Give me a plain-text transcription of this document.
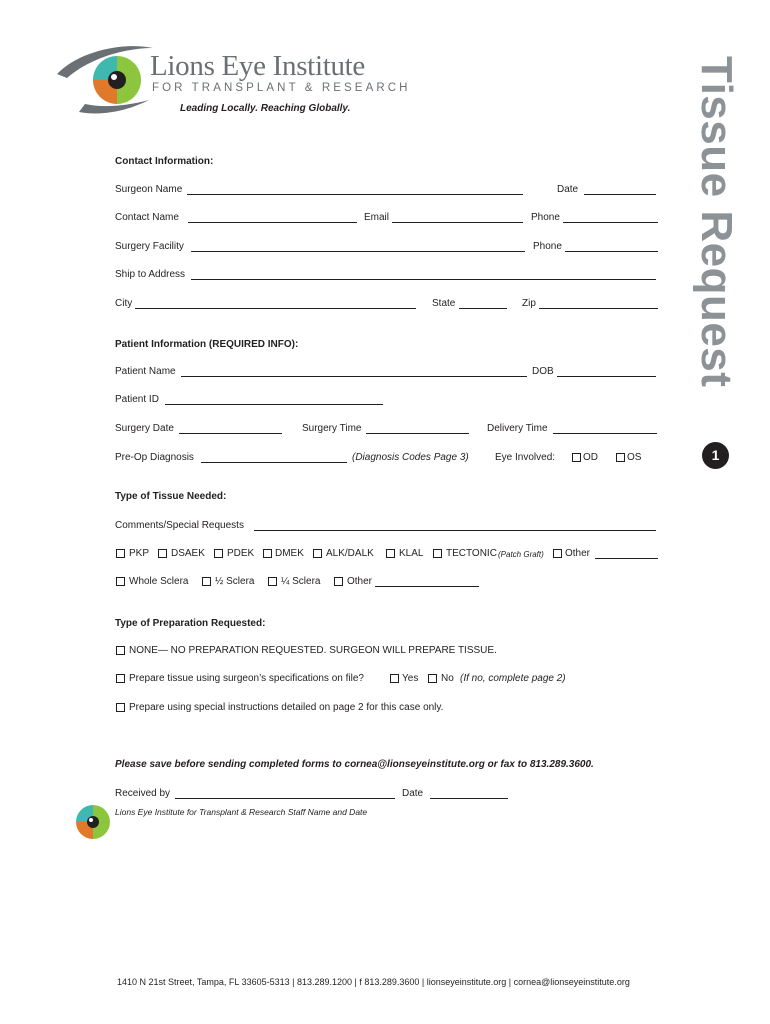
Lions Eye Institute
FOR TRANSPLANT & RESEARCH
Leading Locally. Reaching Globally.	Tissue Request
1
Contact Information:
Surgeon Name	Date
Contact Name	Email	Phone
Surgery Facility	Phone
Ship to Address
City	State	Zip
Patient Information (REQUIRED INFO):
Patient Name	DOB
Patient ID
Surgery Date	Surgery Time	Delivery Time
Pre-Op Diagnosis	(Diagnosis Codes Page 3)	Eye Involved:	OD	OS
Type of Tissue Needed:
Comments/Special Requests
PKP DSAEK PDEK DMEK ALK/DALK	KLAL TECTONIC (Patch Graft) Other
Whole Sclera	½ Sclera	¼ Sclera	Other
Type of Preparation Requested:
NONE— NO PREPARATION REQUESTED. SURGEON WILL PREPARE TISSUE.
Prepare tissue using surgeon’s specifications on file?	Yes No (If no, complete page 2)
Prepare using special instructions detailed on page 2 for this case only.
Please save before sending completed forms to cornea@lionseyeinstitute.org or fax to 813.289.3600.
Received by	Date
Lions Eye Institute for Transplant & Research Staff Name and Date
1410 N 21st Street, Tampa, FL 33605-5313 | 813.289.1200 | f 813.289.3600 | lionseyeinstitute.org | cornea@lionseyeinstitute.org
